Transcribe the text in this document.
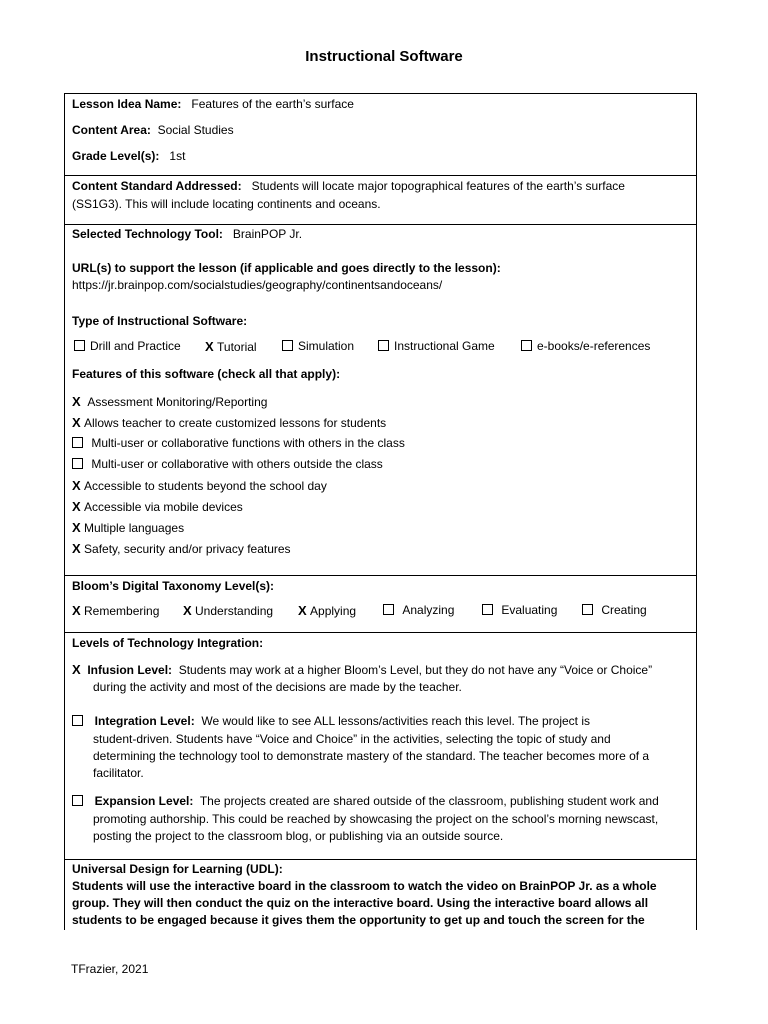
Instructional Software
Lesson Idea Name: Features of the earth’s surface
Content Area: Social Studies
Grade Level(s): 1st
Content Standard Addressed: Students will locate major topographical features of the earth’s surface
(SS1G3). This will include locating continents and oceans.
Selected Technology Tool: BrainPOP Jr.
URL(s) to support the lesson (if applicable and goes directly to the lesson):
https://jr.brainpop.com/socialstudies/geography/continentsandoceans/
Type of Instructional Software:
Drill and Practice X Tutorial	Simulation	Instructional Game	e-books/e-references
Features of this software (check all that apply):
X Assessment Monitoring/Reporting
X Allows teacher to create customized lessons for students
Multi-user or collaborative functions with others in the class
Multi-user or collaborative with others outside the class
X Accessible to students beyond the school day
X Accessible via mobile devices
X Multiple languages
X Safety, security and/or privacy features
Bloom’s Digital Taxonomy Level(s):
X Remembering X Understanding X Applying	Analyzing	Evaluating	Creating
Levels of Technology Integration:
X Infusion Level: Students may work at a higher Bloom’s Level, but they do not have any “Voice or Choice”
during the activity and most of the decisions are made by the teacher.
Integration Level: We would like to see ALL lessons/activities reach this level. The project is
student-driven. Students have “Voice and Choice” in the activities, selecting the topic of study and
determining the technology tool to demonstrate mastery of the standard. The teacher becomes more of a
facilitator.
Expansion Level: The projects created are shared outside of the classroom, publishing student work and
promoting authorship. This could be reached by showcasing the project on the school’s morning newscast,
posting the project to the classroom blog, or publishing via an outside source.
Universal Design for Learning (UDL):
Students will use the interactive board in the classroom to watch the video on BrainPOP Jr. as a whole
group. They will then conduct the quiz on the interactive board. Using the interactive board allows all
students to be engaged because it gives them the opportunity to get up and touch the screen for the
TFrazier, 2021
